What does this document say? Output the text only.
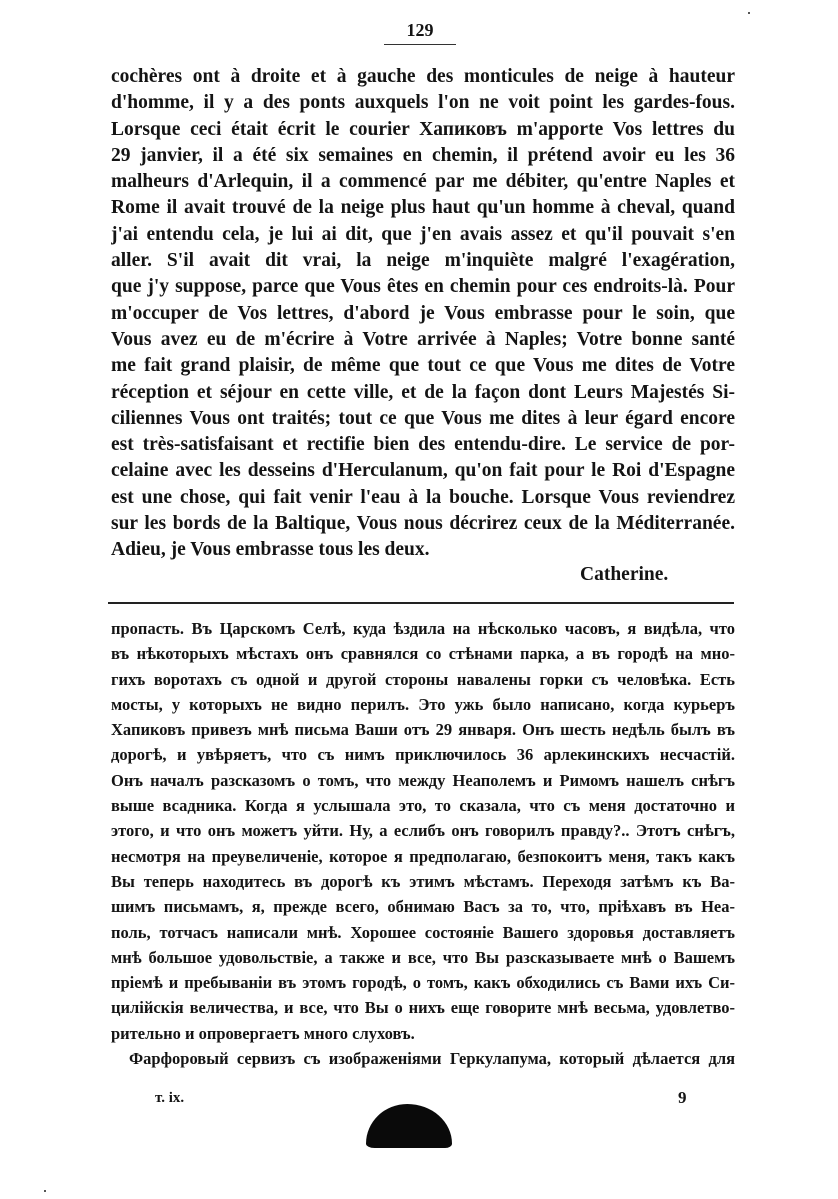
129
cochères ont à droite et à gauche des monticules de neige à hauteur
d'homme, il y a des ponts auxquels l'on ne voit point les gardes-fous.
Lorsque ceci était écrit le courier Хапиковъ m'apporte Vos lettres du
29 janvier, il a été six semaines en chemin, il prétend avoir eu les 36
malheurs d'Arlequin, il a commencé par me débiter, qu'entre Naples et
Rome il avait trouvé de la neige plus haut qu'un homme à cheval, quand
j'ai entendu cela, je lui ai dit, que j'en avais assez et qu'il pouvait s'en
aller. S'il avait dit vrai, la neige m'inquiète malgré l'exagération,
que j'y suppose, parce que Vous êtes en chemin pour ces endroits-là. Pour
m'occuper de Vos lettres, d'abord je Vous embrasse pour le soin, que
Vous avez eu de m'écrire à Votre arrivée à Naples; Votre bonne santé
me fait grand plaisir, de même que tout ce que Vous me dites de Votre
réception et séjour en cette ville, et de la façon dont Leurs Majestés Si-
ciliennes Vous ont traités; tout ce que Vous me dites à leur égard encore
est très-satisfaisant et rectifie bien des entendu-dire. Le service de por-
celaine avec les desseins d'Herculanum, qu'on fait pour le Roi d'Espagne
est une chose, qui fait venir l'eau à la bouche. Lorsque Vous reviendrez
sur les bords de la Baltique, Vous nous décrirez ceux de la Méditerranée.
Adieu, je Vous embrasse tous les deux.
Catherine.
пропасть. Въ Царскомъ Селѣ, куда ѣздила на нѣсколько часовъ, я видѣла, что
въ нѣкоторыхъ мѣстахъ онъ сравнялся со стѣнами парка, а въ городѣ на мно-
гихъ воротахъ съ одной и другой стороны навалены горки съ человѣка. Есть
мосты, у которыхъ не видно перилъ. Это ужь было написано, когда курьеръ
Хапиковъ привезъ мнѣ письма Ваши отъ 29 января. Онъ шесть недѣль былъ въ
дорогѣ, и увѣряетъ, что съ нимъ приключилось 36 арлекинскихъ несчастій.
Онъ началъ разсказомъ о томъ, что между Неаполемъ и Римомъ нашелъ снѣгъ
выше всадника. Когда я услышала это, то сказала, что съ меня достаточно и
этого, и что онъ можетъ уйти. Ну, а еслибъ онъ говорилъ правду?.. Этотъ снѣгъ,
несмотря на преувеличеніе, которое я предполагаю, безпокоитъ меня, такъ какъ
Вы теперь находитесь въ дорогѣ къ этимъ мѣстамъ. Переходя затѣмъ къ Ва-
шимъ письмамъ, я, прежде всего, обнимаю Васъ за то, что, пріѣхавъ въ Неа-
поль, тотчасъ написали мнѣ. Хорошее состояніе Вашего здоровья доставляетъ
мнѣ большое удовольствіе, а также и все, что Вы разсказываете мнѣ о Вашемъ
пріемѣ и пребываніи въ этомъ городѣ, о томъ, какъ обходились съ Вами ихъ Си-
цилійскія величества, и все, что Вы о нихъ еще говорите мнѣ весьма, удовлетво-
рительно и опровергаетъ много слуховъ.
Фарфоровый сервизъ съ изображеніями Геркулапума, который дѣлается для
т. іх.	9
